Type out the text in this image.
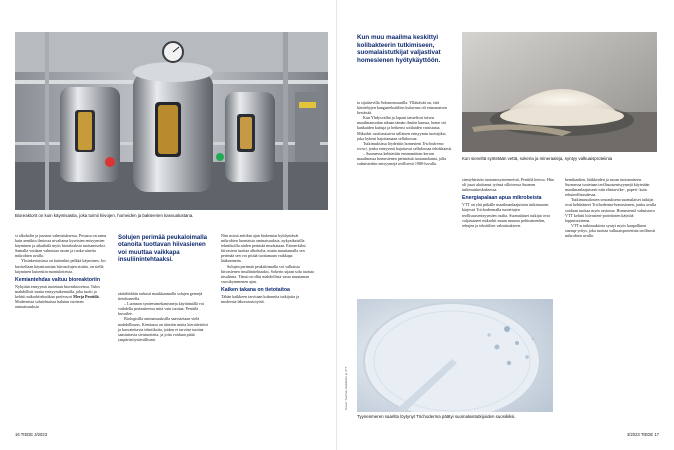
Bioreaktorit on kuin käymisastia, joka toimii hiivojen, homeiden ja bakteerien kasvualustana.

si alkoholin ja juuston valmistuksessa. Pesussa on sama kuin aentikin ilmiossa nivaltama kyseisten entsyymien käyminen ja aikaikälä myös biotalouksia tuottamiseksi. Samalla voidaan valmistaa ruoan ja ruoka-aineita mikrobien avulla.

Yksinkertaisissa on kuitenkin pelkkä käyminen. Jos kuvitellaan käymisastian hiivasolujen sisään, on siellä käyminen kuitenkin moniulotteista.

Kemiantehdas valtuu bioreaktoriin

Nykyään entsyymit tuotetaan bioreaktoreissa. Tulos mahdollisti mutta entsyymikemialla, joka tuotti ja kehitti mikrobitekniikan professori Merja Penttilä. Modernissa solutehtaissa halutun tuotteen ominaisuuksia

Solujen perimää peukaloimalla otanoita tuottavan hiivasienen voi muuttaa vaikkapa insuliinintehtaaksi.

räätälöidään tarkasti maukkaamalla solujen geenejä tietokoneella.

– Luonnon synteesimekanismeja käyttämällä voi vaihdella periaatteessa mitä vain tuottaa, Penttilä kuvailee.

Biologisilla ominaisuuksilla saavutetaan vielä mahdollisuus. Kemiassa on ääretön mutta kierrätettävä ja kasvatettavia tekniikoita, joiden ei tarvitse tuottaa saastuttavia sivutuotteita, ja joita voidaan pitää ympäristöystävällisinä.

Niin missä aettikin ajan biokemiat hyödyntävät mikrobien luontaisia ominaisuuksia, nykyaikaisilla tekniikoilla niiden perimää muokataan. Esimerkiksi hiivasieni tuottaa alkoholia, mutta muuttamalla sen perimää sen voi pistää tuottamaan vaikkapa lääkeaineita.

Solujen perimää peukaloimalla voi valkaista hiivasienen insuliinitehtaaksi. Sokerin sijaan solu tuottaa insuliinia. Tämä on ollut mahdollista vasta muutaman vuosikymmenen ajan.

Kaiken takana on tietotaitoa

Tähän kaikkeen tarvitaan kokeneita tutkijoita ja modernia laboratoriotyötä.

16 TIEDE 3/2023
Kun muu maailma keskittyi kolibakteerin tutkimiseen, suomalaistutkijat valjastivat homesienen hyötykäyttöön.

ta sijaitsevilla Solomonsaarilla. Yllättävää on, että käsiteltyjen kangastekstiilien kuluvuus oli erinomaisen kestävää.

Kun Yhdysvallat ja Japani taistelivat toisen maailmansodan aikaan tämän ilmiön kanssa, home söi kankaiden kuituja ja heikensi sotilaiden varustusta. Mikrobit osoittautuivat sellaisen entsyymin tuottajiksi, joka kykeni hajottamaan selluloosaa.

Tutkimuksissa löydettiin homesieni Trichoderma reesei, jonka entsyymit hajottavat selluloosaa tehokkaasti.

– Suomessa kehitettiin ensimmäisen kerran maailmassa homesienen perimästä tuotantokanta, jolla valmistettiin entsyymejä teollisesti 1980-luvulla.

Kun sieneltä syötetään vettä, sokeria ja mineraaleja, syntyy valkuaisproteiinia

sieniyhteisön tuotantosysteemeistä, Penttilä kertoo. Hän oli juuri aloittanut työnsä silloisessa Suomen tutkimuskeskuksessa.

Energiapalaan apua mikrobeista

VTT on yhä pitkälle maailmanlaajuisten tutkimusten kärjessä Trichodermalla tuotettujen teollisuusentsyymien osalta. Suomalaiset tutkijat ovat valjastaneet mikrobit muun muassa polttoaineiden, rehujen ja tekstiilien valmistukseen.

kemikaalien, lääkkeiden ja ruoan tuottamiseen. Suomessa tuotetaan teollisuusentsyymejä käytetään maailmanlaajuisesti niin elintarvike-, paperi- kuin rehuteollisuudessa.

Tutkimustulosten seurauksena suomalaiset tutkijat ovat kehittäneet Trichoderma-homesienen, jonka avulla voidaan tuottaa myös ravintoa. Homesieniä valmistava VTT kehitti hiivasieni-proteiinien käyttöä lopputuotteena.

VTT:n tutkimuksista syntyi myös kaupallinen startup-yritys, joka tuottaa valkuaisproteiinia teollisesti mikrobien avulla.

Kuvat: Tuomas Heikkinen ja VTT
Tyynenmeren saarilta löytynyt Trichoderma päätyi suomalaistutkijoiden suosikiksi.
3/2023 TIEDE 17
